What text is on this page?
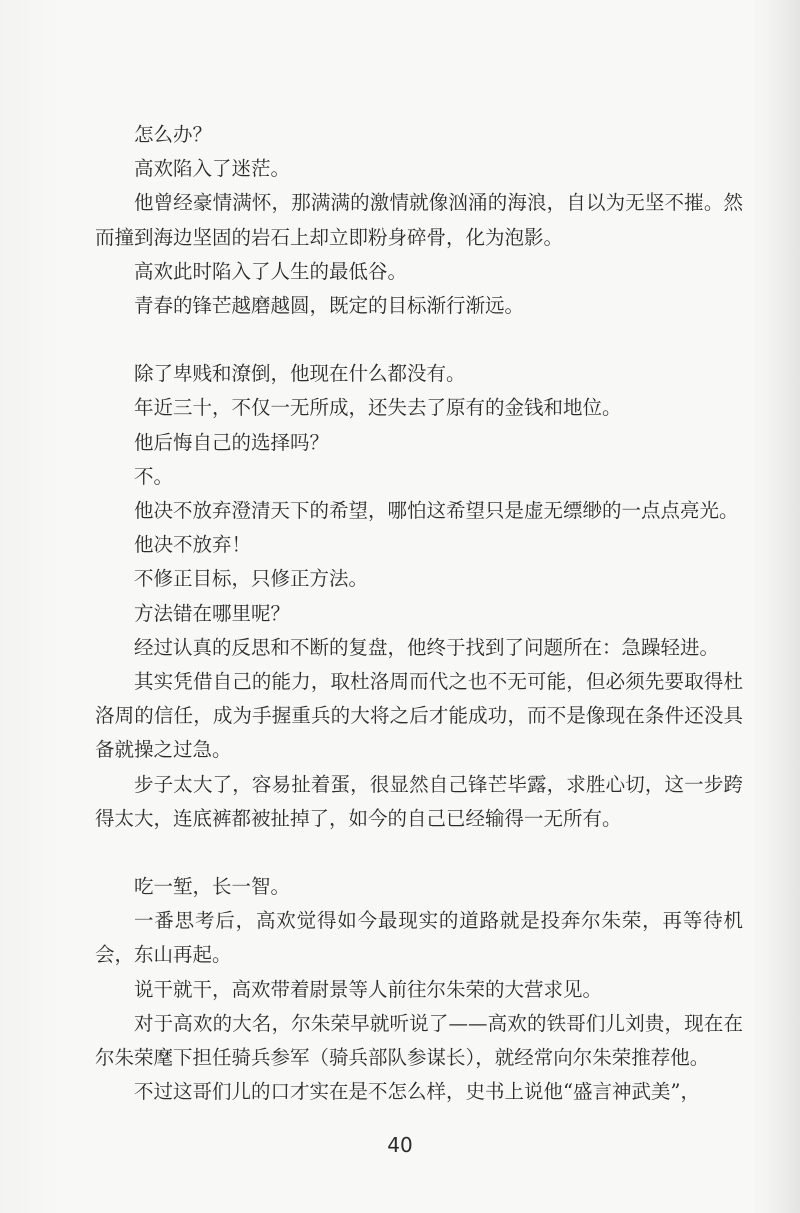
怎么办？

高欢陷入了迷茫。

他曾经豪情满怀，那满满的激情就像汹涌的海浪，自以为无坚不摧。然而撞到海边坚固的岩石上却立即粉身碎骨，化为泡影。

高欢此时陷入了人生的最低谷。

青春的锋芒越磨越圆，既定的目标渐行渐远。

除了卑贱和潦倒，他现在什么都没有。

年近三十，不仅一无所成，还失去了原有的金钱和地位。

他后悔自己的选择吗？

不。

他决不放弃澄清天下的希望，哪怕这希望只是虚无缥缈的一点点亮光。

他决不放弃！

不修正目标，只修正方法。

方法错在哪里呢？

经过认真的反思和不断的复盘，他终于找到了问题所在：急躁轻进。

其实凭借自己的能力，取杜洛周而代之也不无可能，但必须先要取得杜洛周的信任，成为手握重兵的大将之后才能成功，而不是像现在条件还没具备就操之过急。

步子太大了，容易扯着蛋，很显然自己锋芒毕露，求胜心切，这一步跨得太大，连底裤都被扯掉了，如今的自己已经输得一无所有。

吃一堑，长一智。

一番思考后，高欢觉得如今最现实的道路就是投奔尔朱荣，再等待机会，东山再起。

说干就干，高欢带着尉景等人前往尔朱荣的大营求见。

对于高欢的大名，尔朱荣早就听说了——高欢的铁哥们儿刘贵，现在在尔朱荣麾下担任骑兵参军（骑兵部队参谋长），就经常向尔朱荣推荐他。

不过这哥们儿的口才实在是不怎么样，史书上说他“盛言神武美”，

40
